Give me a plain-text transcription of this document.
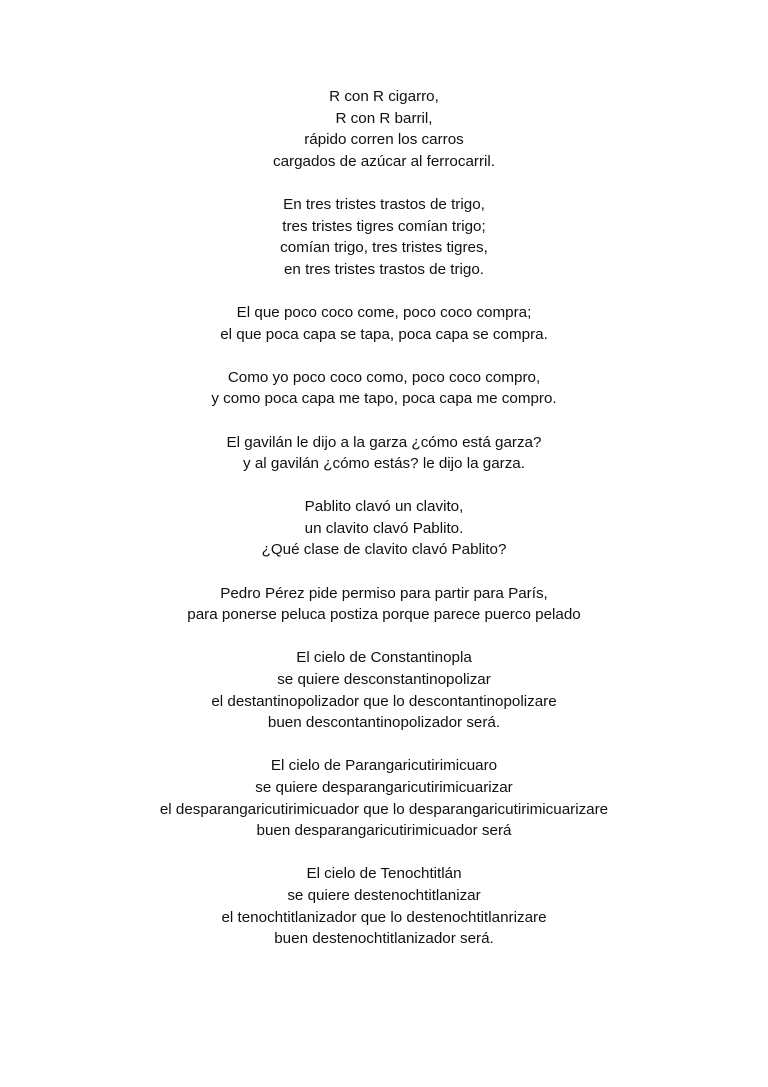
R con R cigarro,
R con R barril,
rápido corren los carros
cargados de azúcar al ferrocarril.
En tres tristes trastos de trigo,
tres tristes tigres comían trigo;
comían trigo, tres tristes tigres,
en tres tristes trastos de trigo.
El que poco coco come, poco coco compra;
el que poca capa se tapa, poca capa se compra.
Como yo poco coco como, poco coco compro,
y como poca capa me tapo, poca capa me compro.
El gavilán le dijo a la garza ¿cómo está garza?
y al gavilán ¿cómo estás? le dijo la garza.
Pablito clavó un clavito,
un clavito clavó Pablito.
¿Qué clase de clavito clavó Pablito?
Pedro Pérez pide permiso para partir para París,
para ponerse peluca postiza porque parece puerco pelado
El cielo de Constantinopla
se quiere desconstantinopolizar
el destantinopolizador que lo descontantinopolizare
buen descontantinopolizador será.
El cielo de Parangaricutirimicuaro
se quiere desparangaricutirimicuarizar
el desparangaricutirimicuador que lo desparangaricutirimicuarizare
buen desparangaricutirimicuador será
El cielo de Tenochtitlán
se quiere destenochtitlanizar
el tenochtitlanizador que lo destenochtitlanrizare
buen destenochtitlanizador será.
